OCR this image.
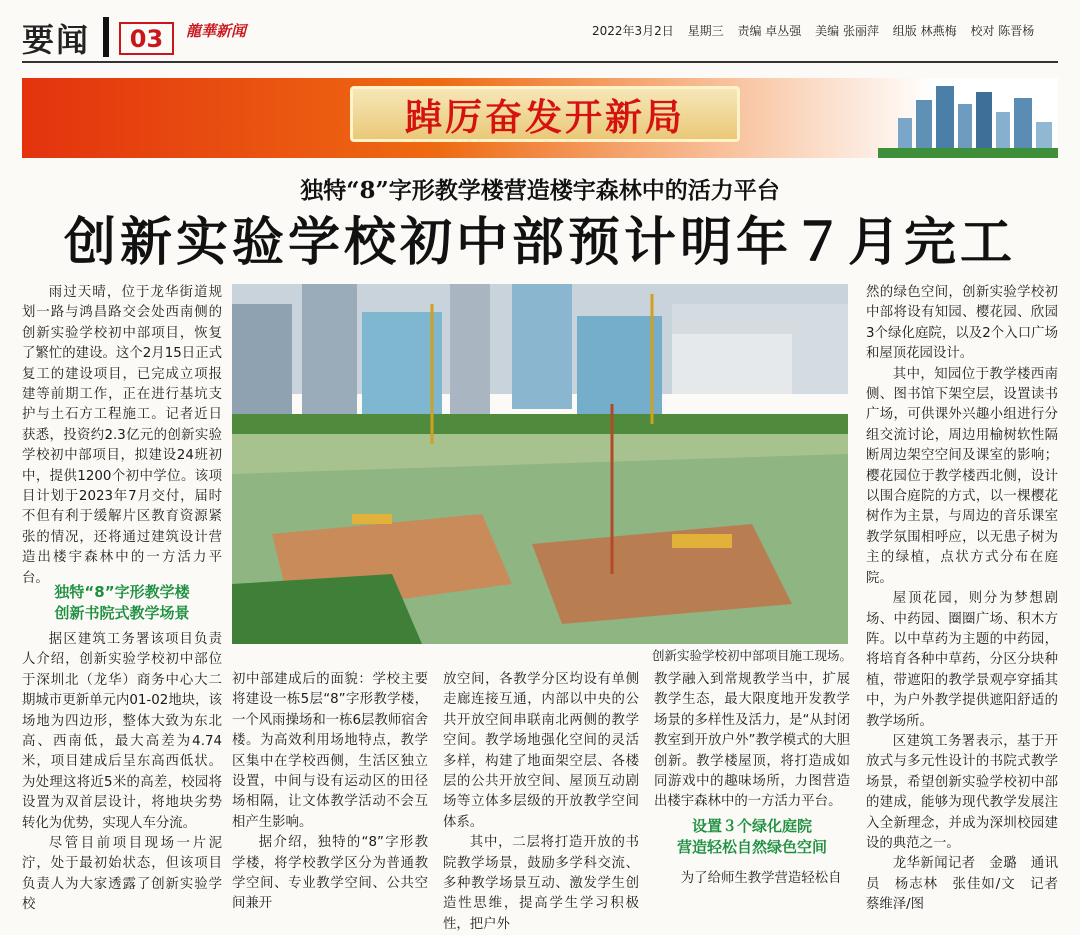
要闻	03	龍華新闻	2022年3月2日 星期三 责编 卓丛强 美编 张丽萍 组版 林燕梅 校对 陈晋杨
踔厉奋发开新局
独特“8”字形教学楼营造楼宇森林中的活力平台
创新实验学校初中部预计明年７月完工

雨过天晴，位于龙华街道规划一路与鸿昌路交会处西南侧的创新实验学校初中部项目，恢复了繁忙的建设。这个2月15日正式复工的建设项目，已完成立项报建等前期工作，正在进行基坑支护与土石方工程施工。记者近日获悉，投资约2.3亿元的创新实验学校初中部项目，拟建设24班初中，提供1200个初中学位。该项目计划于2023年7月交付，届时不但有利于缓解片区教育资源紧张的情况，还将通过建筑设计营造出楼宇森林中的一方活力平台。

独特“8”字形教学楼
创新书院式教学场景

据区建筑工务署该项目负责人介绍，创新实验学校初中部位于深圳北（龙华）商务中心大二期城市更新单元内01-02地块，该场地为四边形，整体大致为东北高、西南低，最大高差为4.74米，项目建成后呈东高西低状。为处理这将近5米的高差，校园将设置为双首层设计，将地块劣势转化为优势，实现人车分流。

尽管目前项目现场一片泥泞，处于最初始状态，但该项目负责人为大家透露了创新实验学校

创新实验学校初中部项目施工现场。

初中部建成后的面貌：学校主要将建设一栋5层“8”字形教学楼，一个风雨操场和一栋6层教师宿舍楼。为高效利用场地特点，教学区集中在学校西侧，生活区独立设置，中间与设有运动区的田径场相隔，让文体教学活动不会互相产生影响。

据介绍，独特的“8”字形教学楼，将学校教学区分为普通教学空间、专业教学空间、公共空间兼开

放空间，各教学分区均设有单侧走廊连接互通，内部以中央的公共开放空间串联南北两侧的教学空间。教学场地强化空间的灵活多样，构建了地面架空层、各楼层的公共开放空间、屋顶互动剧场等立体多层级的开放教学空间体系。

其中，二层将打造开放的书院教学场景，鼓励多学科交流、多种教学场景互动、激发学生创造性思维，提高学生学习积极性，把户外

教学融入到常规教学当中，扩展教学生态，最大限度地开发教学场景的多样性及活力，是“从封闭教室到开放户外”教学模式的大胆创新。教学楼屋顶，将打造成如同游戏中的趣味场所，力图营造出楼宇森林中的一方活力平台。

设置３个绿化庭院
营造轻松自然绿色空间

为了给师生教学营造轻松自

然的绿色空间，创新实验学校初中部将设有知园、樱花园、欣园3个绿化庭院，以及2个入口广场和屋顶花园设计。

其中，知园位于教学楼西南侧、图书馆下架空层，设置读书广场，可供课外兴趣小组进行分组交流讨论，周边用榆树软性隔断周边架空空间及课室的影响；樱花园位于教学楼西北侧，设计以围合庭院的方式，以一棵樱花树作为主景，与周边的音乐课室教学氛围相呼应，以无患子树为主的绿植，点状方式分布在庭院。

屋顶花园，则分为梦想剧场、中药园、圈圈广场、积木方阵。以中草药为主题的中药园，将培育各种中草药，分区分块种植，带遮阳的教学景观亭穿插其中，为户外教学提供遮阳舒适的教学场所。

区建筑工务署表示，基于开放式与多元性设计的书院式教学场景，希望创新实验学校初中部的建成，能够为现代教学发展注入全新理念，并成为深圳校园建设的典范之一。

龙华新闻记者　金璐　通讯员　杨志林　张佳如/文　记者　蔡维泽/图
